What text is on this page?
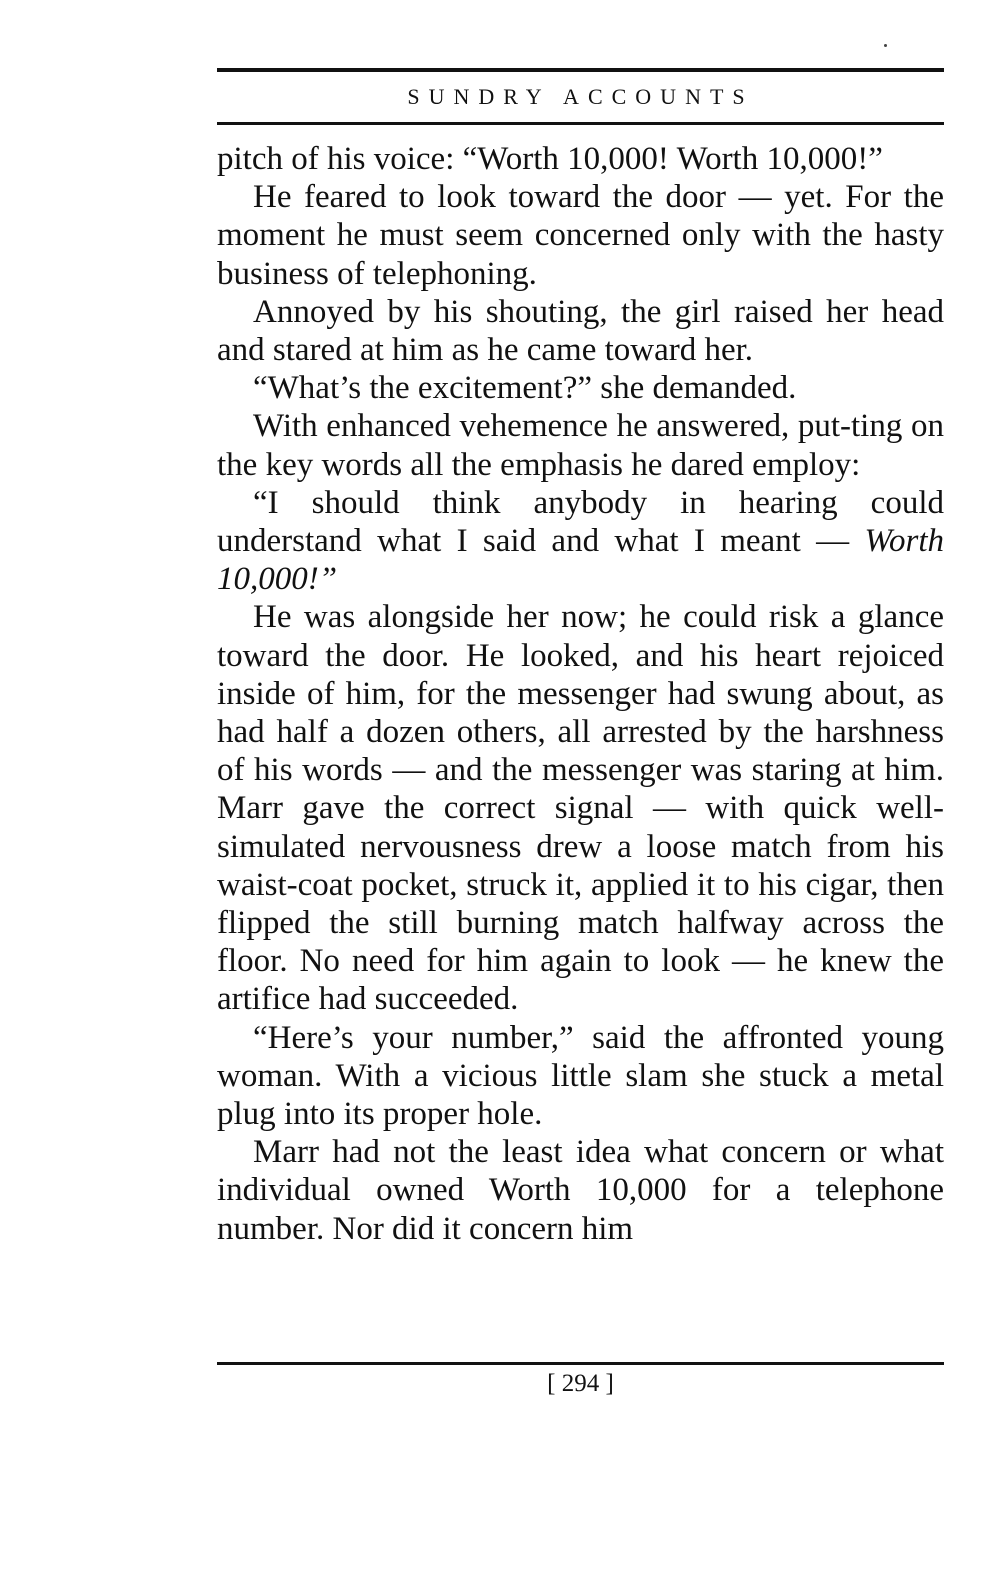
SUNDRY ACCOUNTS

pitch of his voice: “Worth 10,000! Worth 10,000!”

He feared to look toward the door — yet. For the moment he must seem concerned only with the hasty business of telephoning.

Annoyed by his shouting, the girl raised her head and stared at him as he came toward her.

“What’s the excitement?” she demanded.

With enhanced vehemence he answered, put-ting on the key words all the emphasis he dared employ:

“I should think anybody in hearing could understand what I said and what I meant — Worth 10,000!”

He was alongside her now; he could risk a glance toward the door. He looked, and his heart rejoiced inside of him, for the messenger had swung about, as had half a dozen others, all arrested by the harshness of his words — and the messenger was staring at him. Marr gave the correct signal — with quick well-simulated nervousness drew a loose match from his waist-coat pocket, struck it, applied it to his cigar, then flipped the still burning match halfway across the floor. No need for him again to look — he knew the artifice had succeeded.

“Here’s your number,” said the affronted young woman. With a vicious little slam she stuck a metal plug into its proper hole.

Marr had not the least idea what concern or what individual owned Worth 10,000 for a telephone number. Nor did it concern him

[ 294 ]
